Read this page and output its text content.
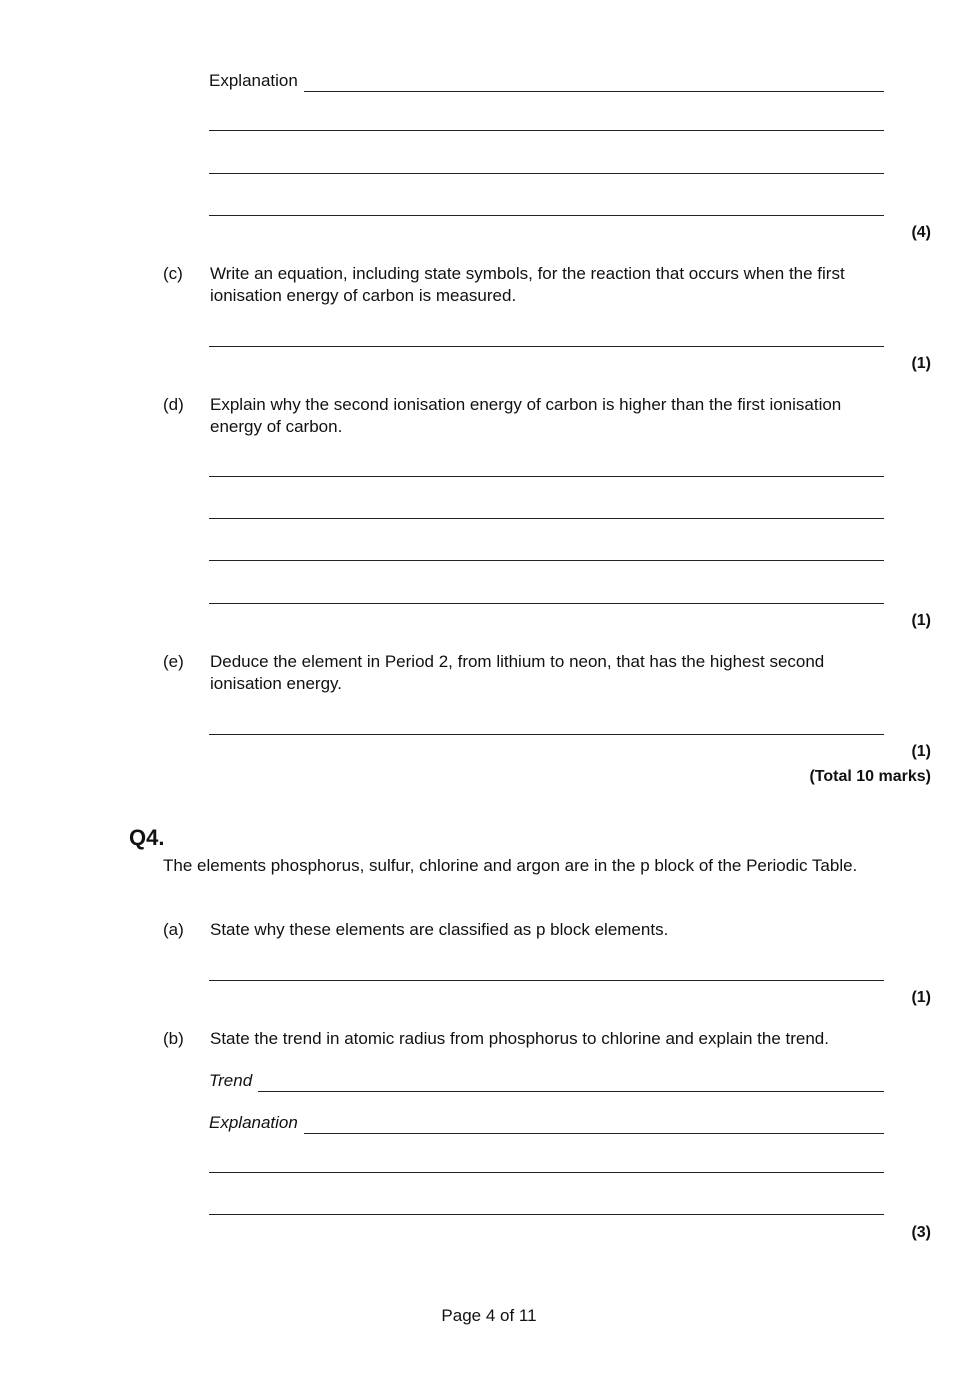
Explanation
(4)
(c) Write an equation, including state symbols, for the reaction that occurs when the first ionisation energy of carbon is measured.
(1)
(d) Explain why the second ionisation energy of carbon is higher than the first ionisation energy of carbon.
(1)
(e) Deduce the element in Period 2, from lithium to neon, that has the highest second ionisation energy.
(1)
(Total 10 marks)
Q4.
The elements phosphorus, sulfur, chlorine and argon are in the p block of the Periodic Table.
(a) State why these elements are classified as p block elements.
(1)
(b) State the trend in atomic radius from phosphorus to chlorine and explain the trend.
Trend
Explanation
(3)
Page 4 of 11
